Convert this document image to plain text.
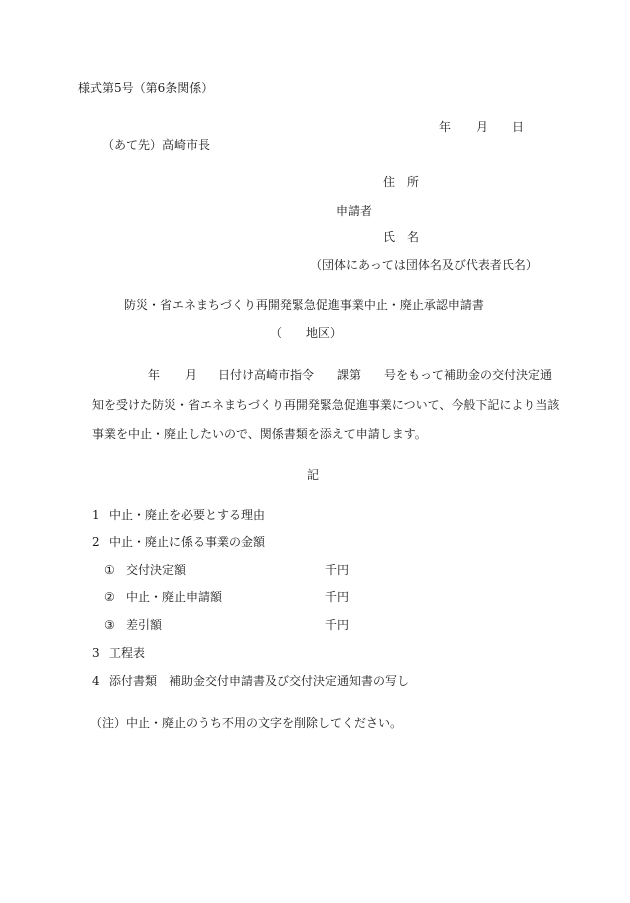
様式第5号（第6条関係）
年 月 日
（あて先）高崎市長
住　所
申請者
氏　名
（団体にあっては団体名及び代表者氏名）
防災・省エネまちづくり再開発緊急促進事業中止・廃止承認申請書
（　　地区）
年 月 日付け高崎市指令 課第 号をもって補助金の交付決定通
知を受けた防災・省エネまちづくり再開発緊急促進事業について、今般下記により当該
事業を中止・廃止したいので、関係書類を添えて申請します。
記
1 中止・廃止を必要とする理由
2 中止・廃止に係る事業の金額
① 交付決定額	千円
② 中止・廃止申請額	千円
③ 差引額	千円
3 工程表
4 添付書類　補助金交付申請書及び交付決定通知書の写し
（注） 中止・廃止のうち不用の文字を削除してください。
